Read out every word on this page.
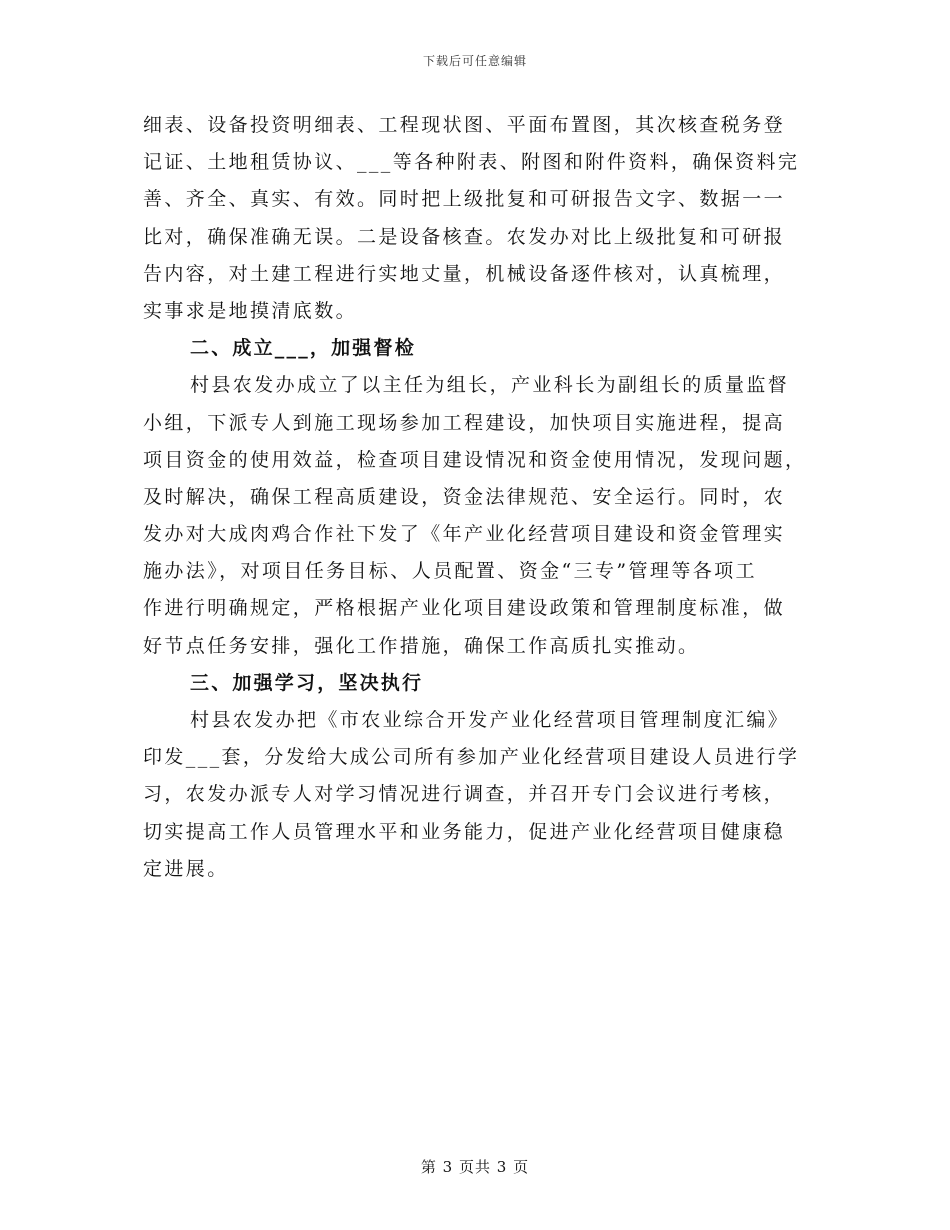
下载后可任意编辑
细表、设备投资明细表、工程现状图、平面布置图，其次核查税务登
记证、土地租赁协议、___等各种附表、附图和附件资料，确保资料完
善、齐全、真实、有效。同时把上级批复和可研报告文字、数据一一
比对，确保准确无误。二是设备核查。农发办对比上级批复和可研报
告内容，对土建工程进行实地丈量，机械设备逐件核对，认真梳理，
实事求是地摸清底数。
二、成立___，加强督检
村县农发办成立了以主任为组长，产业科长为副组长的质量监督
小组，下派专人到施工现场参加工程建设，加快项目实施进程，提高
项目资金的使用效益，检查项目建设情况和资金使用情况，发现问题，
及时解决，确保工程高质建设，资金法律规范、安全运行。同时，农
发办对大成肉鸡合作社下发了《年产业化经营项目建设和资金管理实
施办法》，对项目任务目标、人员配置、资金“三专”管理等各项工
作进行明确规定，严格根据产业化项目建设政策和管理制度标准，做
好节点任务安排，强化工作措施，确保工作高质扎实推动。
三、加强学习，坚决执行
村县农发办把《市农业综合开发产业化经营项目管理制度汇编》
印发___套，分发给大成公司所有参加产业化经营项目建设人员进行学
习，农发办派专人对学习情况进行调查，并召开专门会议进行考核，
切实提高工作人员管理水平和业务能力，促进产业化经营项目健康稳
定进展。
第 3 页共 3 页
